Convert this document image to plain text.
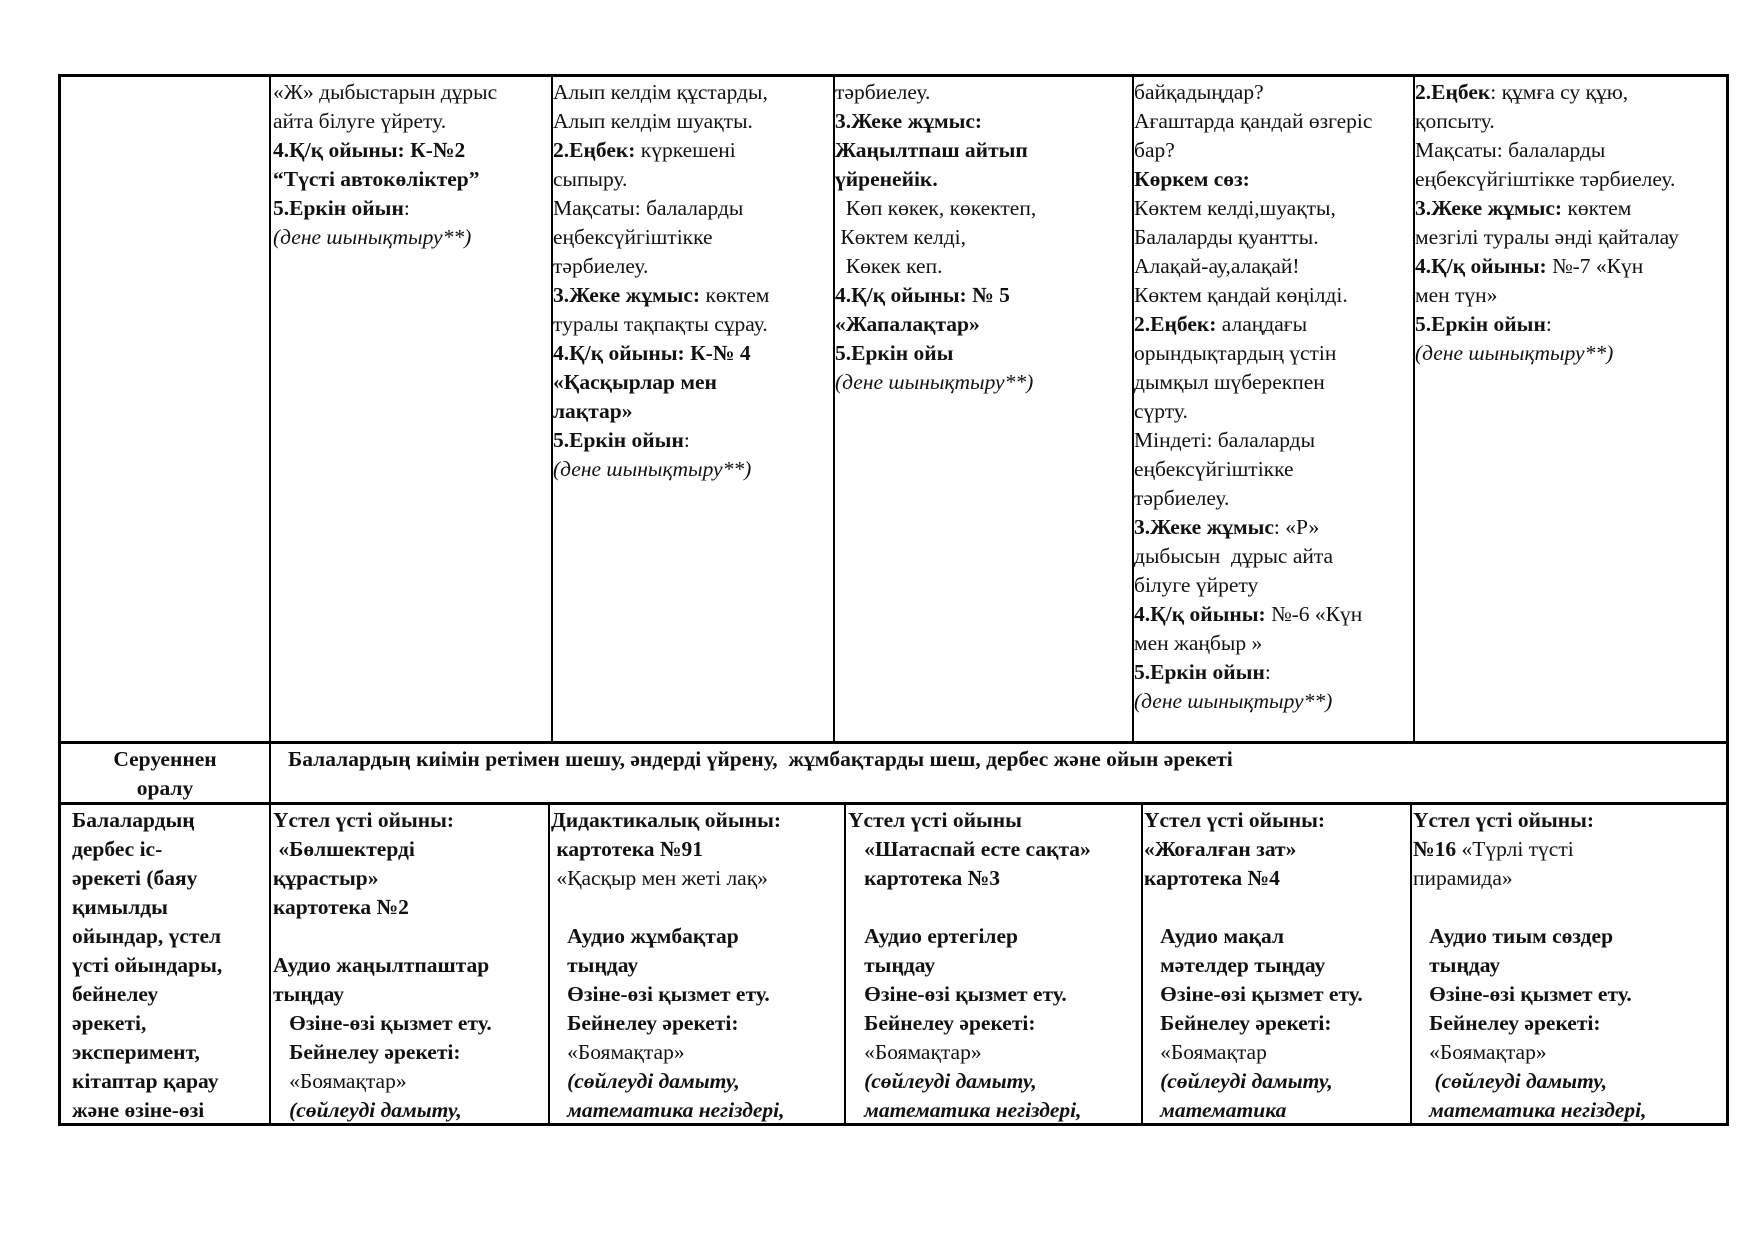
«Ж» дыбыстарын дұрыс
айта білуге үйрету.
4.Қ/қ ойыны: К-№2
“Түсті автокөліктер”
5.Еркін ойын:
(дене шынықтыру**)
Алып келдім құстарды,
Алып келдім шуақты.
2.Еңбек: күркешені
сыпыру.
Мақсаты: балаларды
еңбексүйгіштікке
тәрбиелеу.
3.Жеке жұмыс: көктем
туралы тақпақты сұрау.
4.Қ/қ ойыны: К-№ 4
«Қасқырлар мен
лақтар»
5.Еркін ойын:
(дене шынықтыру**)
тәрбиелеу.
3.Жеке жұмыс:
Жаңылтпаш айтып
үйренейік.
Көп көкек, көкектеп,
Көктем келді,
Көкек кеп.
4.Қ/қ ойыны: № 5
«Жапалақтар»
5.Еркін ойы
(дене шынықтыру**)
байқадыңдар?
Ағаштарда қандай өзгеріс
бар?
Көркем сөз:
Көктем келді,шуақты,
Балаларды қуантты.
Алақай-ау,алақай!
Көктем қандай көңілді.
2.Еңбек: алаңдағы
орындықтардың үстін
дымқыл шүберекпен
сүрту.
Міндеті: балаларды
еңбексүйгіштікке
тәрбиелеу.
3.Жеке жұмыс: «Р»
дыбысын  дұрыс айта
білуге үйрету
4.Қ/қ ойыны: №-6 «Күн
мен жаңбыр »
5.Еркін ойын:
(дене шынықтыру**)
2.Еңбек: құмға су құю,
қопсыту.
Мақсаты: балаларды
еңбексүйгіштікке тәрбиелеу.
3.Жеке жұмыс: көктем
мезгілі туралы әнді қайталау
4.Қ/қ ойыны: №-7 «Күн
мен түн»
5.Еркін ойын:
(дене шынықтыру**)
Серуеннен
оралу
Балалардың киімін ретімен шешу, әндерді үйрену,  жұмбақтарды шеш, дербес және ойын әрекеті
Балалардың
дербес іс-
әрекеті (баяу
қимылды
ойындар, үстел
үсті ойындары,
бейнелеу
әрекеті,
эксперимент,
кітаптар қарау
және өзіне-өзі
Үстел үсті ойыны:
«Бөлшектерді
құрастыр»
картотека №2
Аудио жаңылтпаштар
тыңдау
Өзіне-өзі қызмет ету.
Бейнелеу әрекеті:
«Боямақтар»
(сөйлеуді дамыту,
Дидактикалық ойыны:
картотека №91
«Қасқыр мен жеті лақ»
Аудио жұмбақтар
тыңдау
Өзіне-өзі қызмет ету.
Бейнелеу әрекеті:
«Боямақтар»
(сөйлеуді дамыту,
математика негіздері,
Үстел үсті ойыны
«Шатаспай есте сақта»
картотека №3
Аудио ертегілер
тыңдау
Өзіне-өзі қызмет ету.
Бейнелеу әрекеті:
«Боямақтар»
(сөйлеуді дамыту,
математика негіздері,
Үстел үсті ойыны:
«Жоғалған зат»
картотека №4
Аудио мақал
мәтелдер тыңдау
Өзіне-өзі қызмет ету.
Бейнелеу әрекеті:
«Боямақтар
(сөйлеуді дамыту,
математика
Үстел үсті ойыны:
№16 «Түрлі түсті
пирамида»
Аудио тиым сөздер
тыңдау
Өзіне-өзі қызмет ету.
Бейнелеу әрекеті:
«Боямақтар»
(сөйлеуді дамыту,
математика негіздері,
